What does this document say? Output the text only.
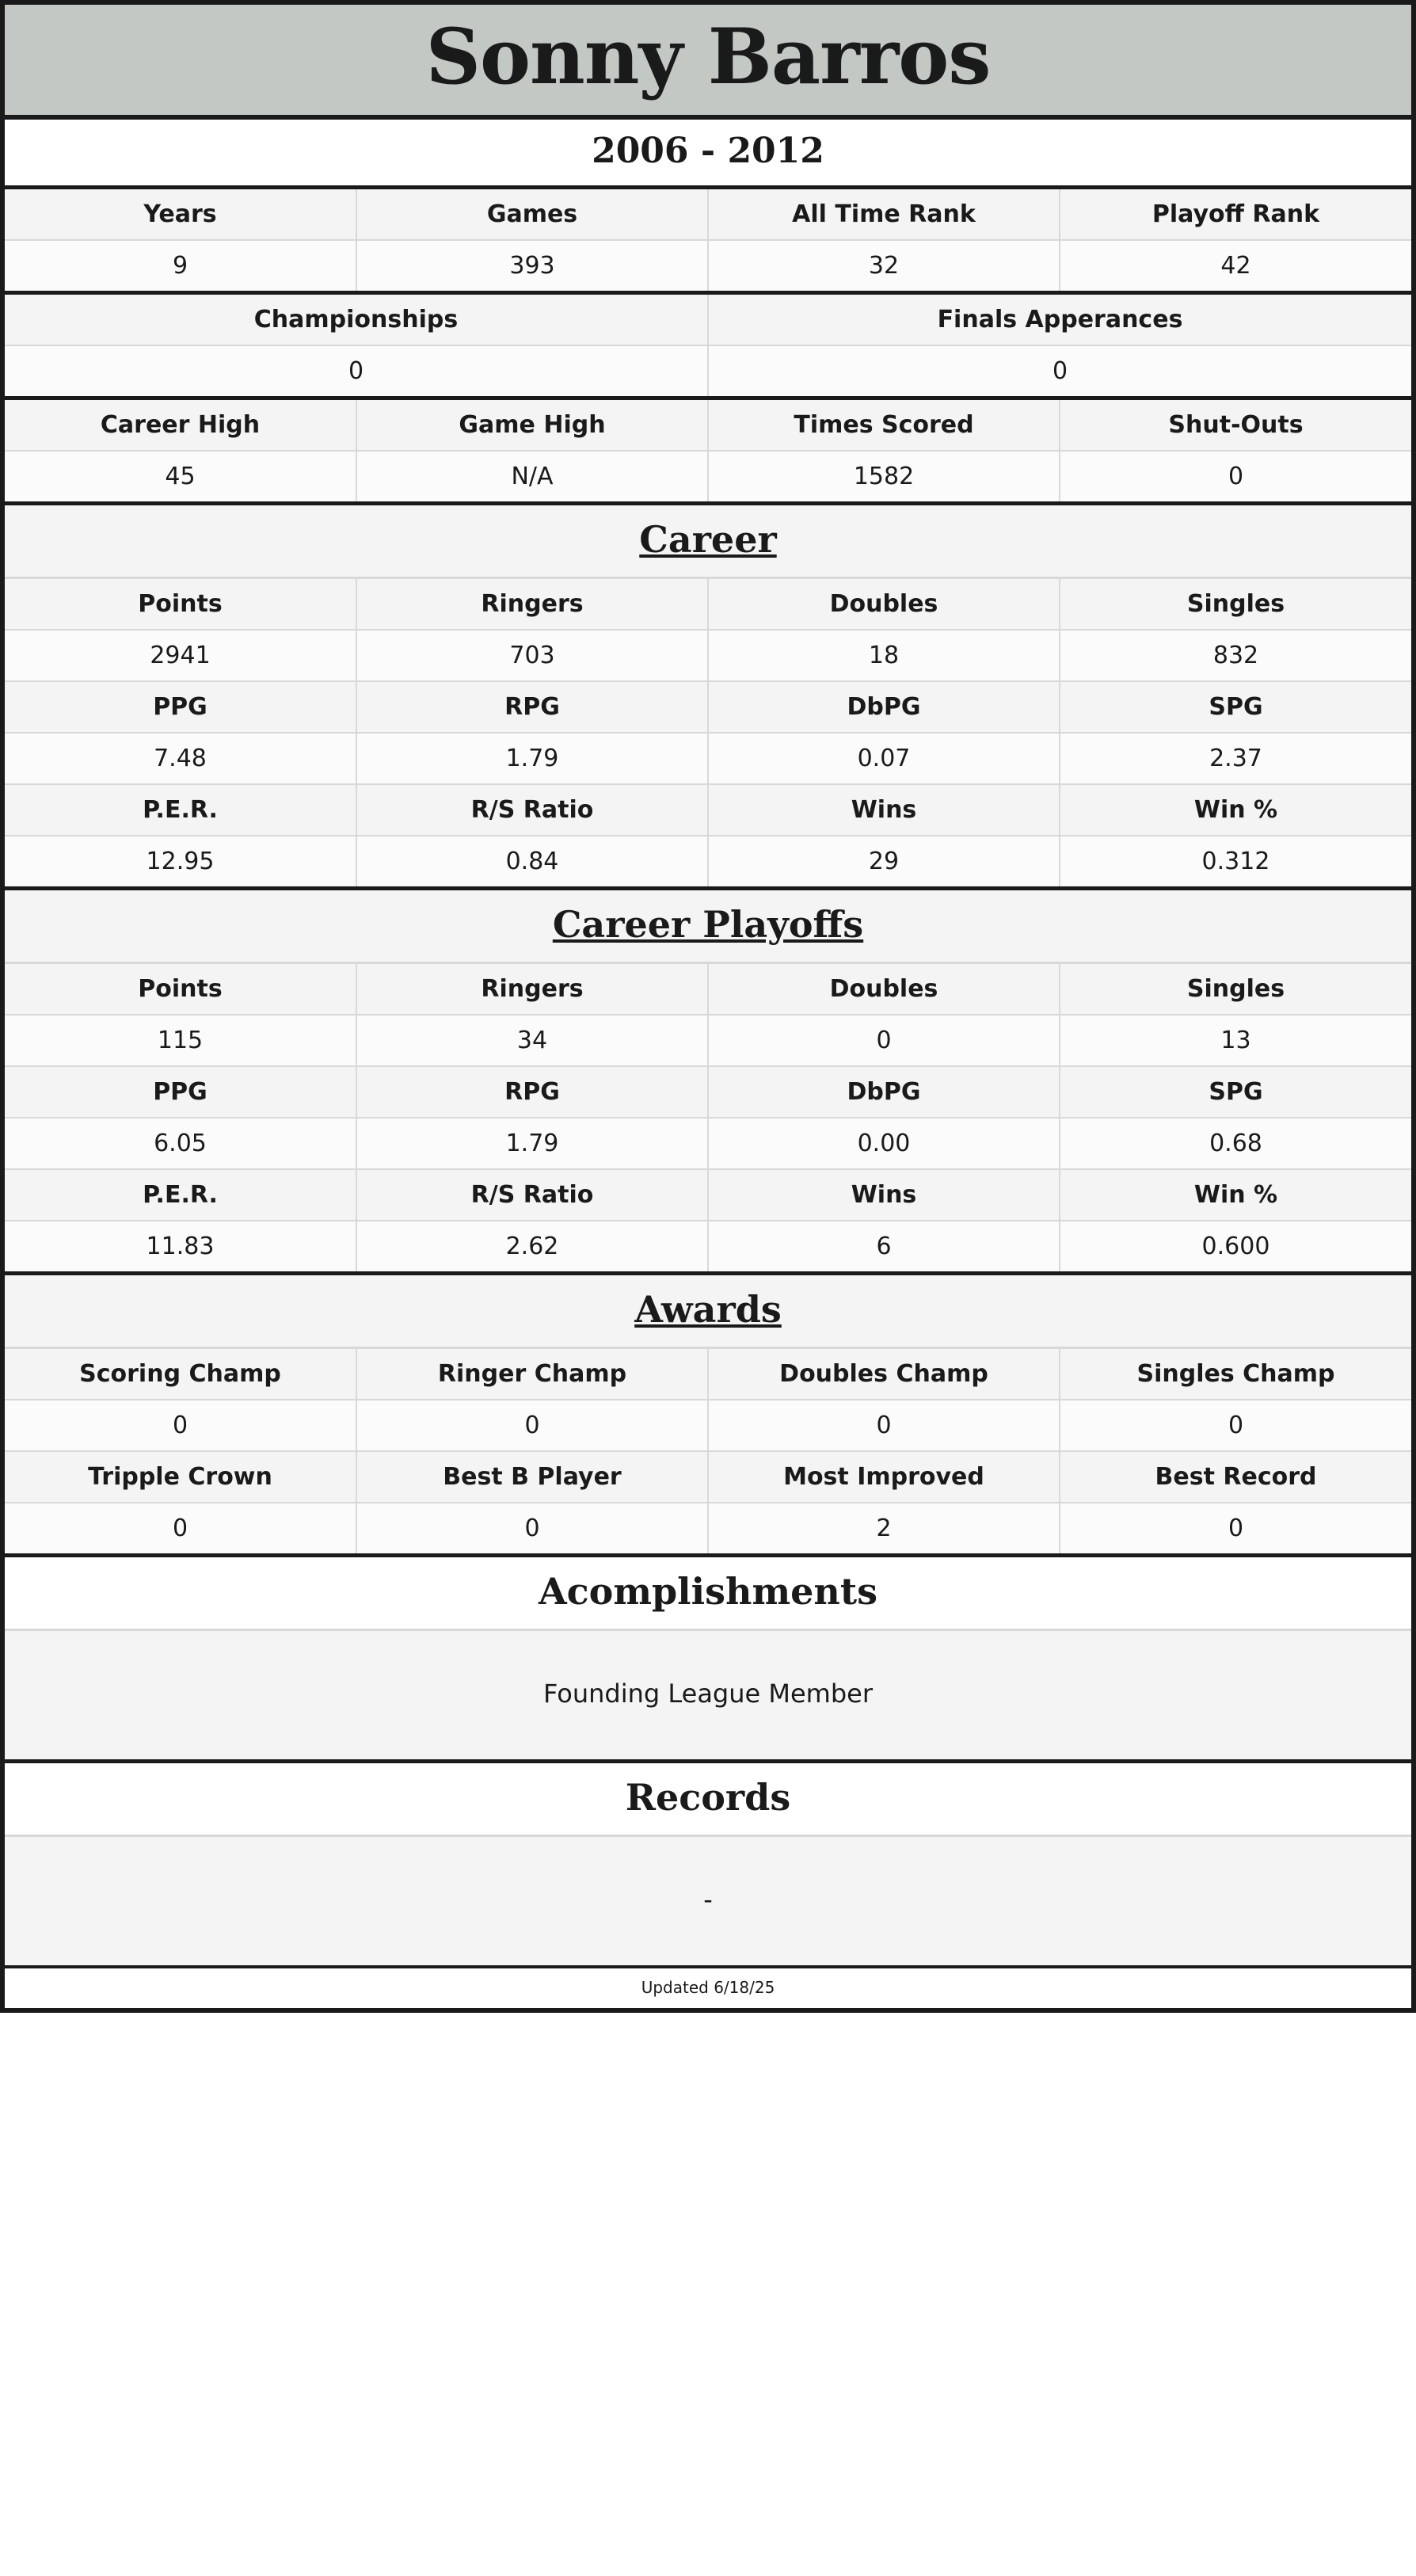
Sonny Barros
2006 - 2012
Years	Games	All Time Rank	Playoff Rank
9	393	32	42
Championships	Finals Apperances
0	0
Career High	Game High	Times Scored	Shut-Outs
45	N/A	1582	0
Career
Points	Ringers	Doubles	Singles
2941	703	18	832
PPG	RPG	DbPG	SPG
7.48	1.79	0.07	2.37
P.E.R.	R/S Ratio	Wins	Win %
12.95	0.84	29	0.312
Career Playoffs
Points	Ringers	Doubles	Singles
115	34	0	13
PPG	RPG	DbPG	SPG
6.05	1.79	0.00	0.68
P.E.R.	R/S Ratio	Wins	Win %
11.83	2.62	6	0.600
Awards
Scoring Champ	Ringer Champ	Doubles Champ	Singles Champ
0	0	0	0
Tripple Crown	Best B Player	Most Improved	Best Record
0	0	2	0
Acomplishments
Founding League Member
Records
-
Updated 6/18/25
